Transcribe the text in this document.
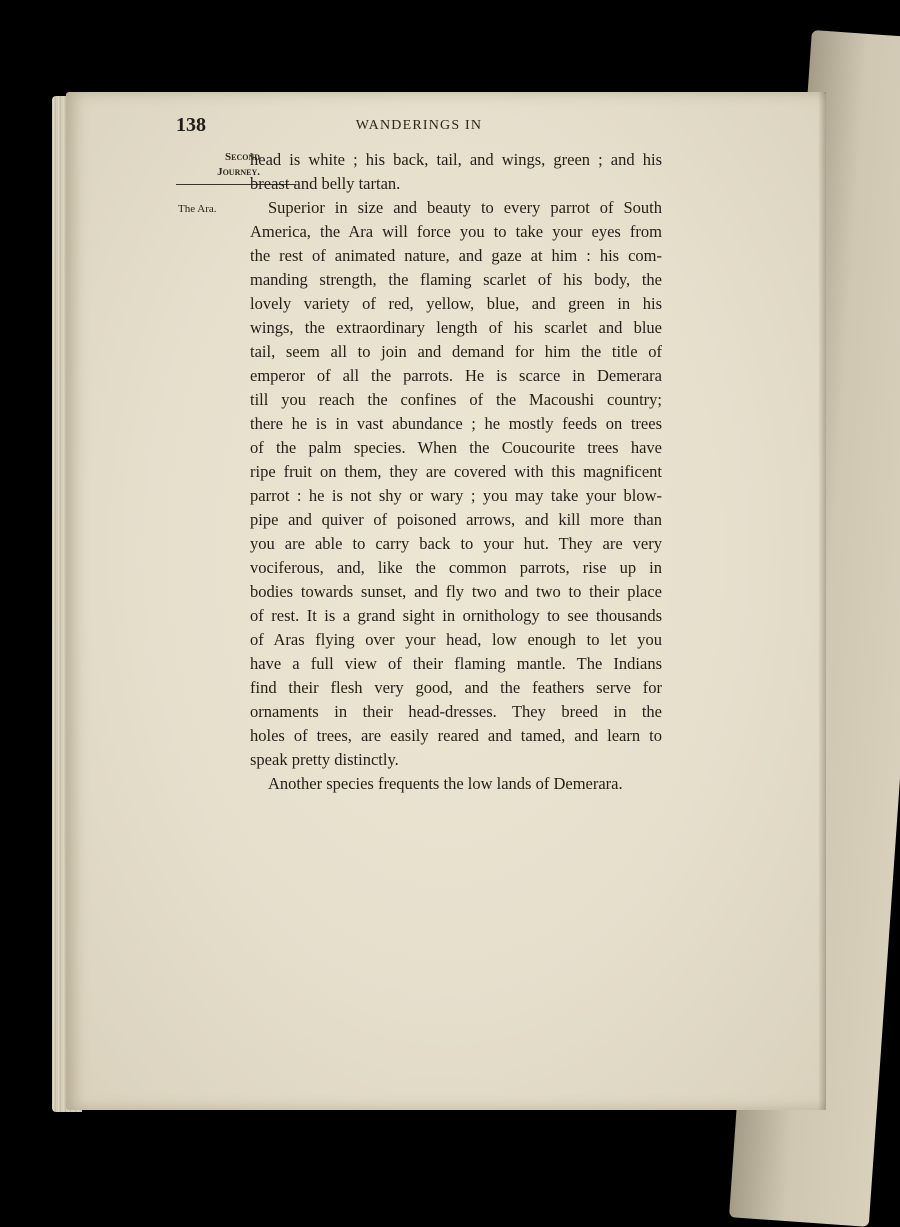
138	WANDERINGS IN
Second
Journey.
The Ara.
head is white ; his back, tail, and wings, green ; and his
breast and belly tartan.
Superior in size and beauty to every parrot of South
America, the Ara will force you to take your eyes from
the rest of animated nature, and gaze at him : his com-
manding strength, the flaming scarlet of his body, the
lovely variety of red, yellow, blue, and green in his
wings, the extraordinary length of his scarlet and blue
tail, seem all to join and demand for him the title of
emperor of all the parrots. He is scarce in Demerara
till you reach the confines of the Macoushi country;
there he is in vast abundance ; he mostly feeds on trees
of the palm species. When the Coucourite trees have
ripe fruit on them, they are covered with this magnificent
parrot : he is not shy or wary ; you may take your blow-
pipe and quiver of poisoned arrows, and kill more than
you are able to carry back to your hut. They are very
vociferous, and, like the common parrots, rise up in
bodies towards sunset, and fly two and two to their place
of rest. It is a grand sight in ornithology to see thousands
of Aras flying over your head, low enough to let you
have a full view of their flaming mantle. The Indians
find their flesh very good, and the feathers serve for
ornaments in their head-dresses. They breed in the
holes of trees, are easily reared and tamed, and learn to
speak pretty distinctly.
Another species frequents the low lands of Demerara.
